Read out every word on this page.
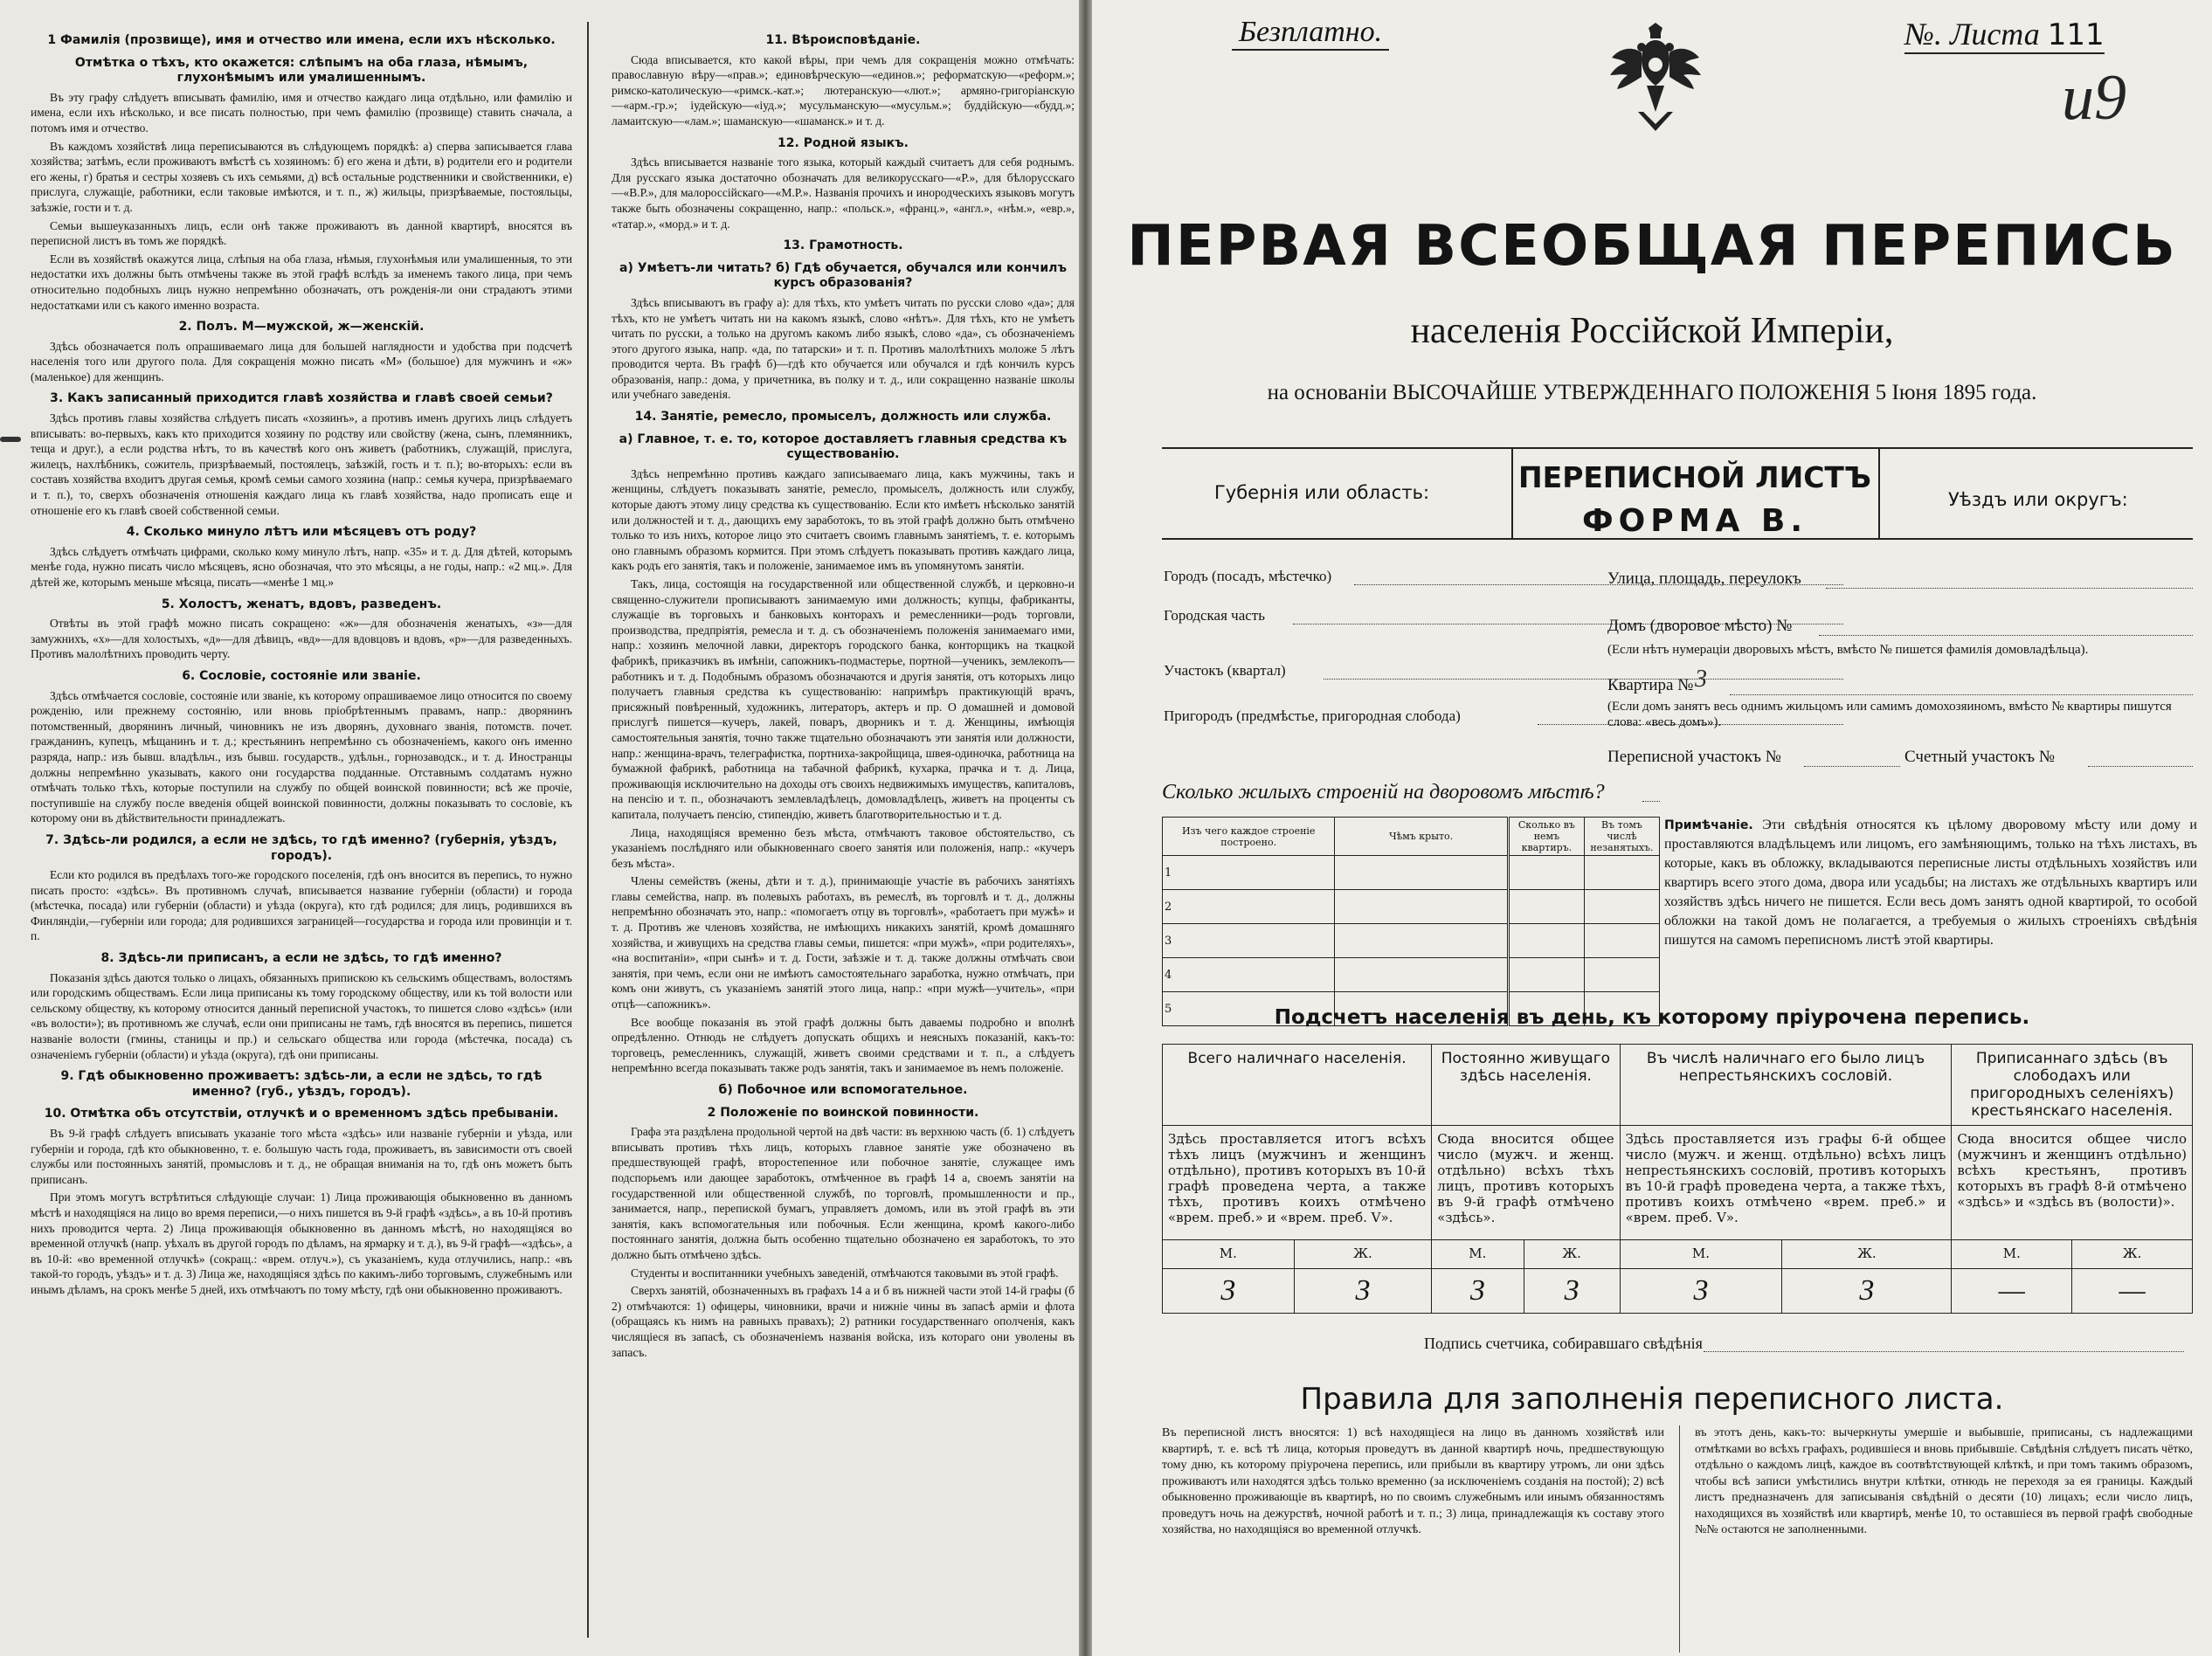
1 Фамилія (прозвище), имя и отчество или имена, если ихъ нѣсколько.
Отмѣтка о тѣхъ, кто окажется: слѣпымъ на оба глаза, нѣмымъ, глухонѣмымъ или умалишеннымъ.

Въ эту графу слѣдуетъ вписывать фамилію, имя и отчество каждаго лица отдѣльно, или фамилію и имена, если ихъ нѣсколько, и все писать полностью, при чемъ фамилію (прозвище) ставить сначала, а потомъ имя и отчество.

Въ каждомъ хозяйствѣ лица переписываются въ слѣдующемъ порядкѣ: а) сперва записывается глава хозяйства; затѣмъ, если проживаютъ вмѣстѣ съ хозяиномъ: б) его жена и дѣти, в) родители его и родители его жены, г) братья и сестры хозяевъ съ ихъ семьями, д) всѣ остальные родственники и свойственники, е) прислуга, служащіе, работники, если таковые имѣются, и т. п., ж) жильцы, призрѣваемые, постояльцы, заѣзжіе, гости и т. д.

Семьи вышеуказанныхъ лицъ, если онѣ также проживаютъ въ данной квартирѣ, вносятся въ переписной листъ въ томъ же порядкѣ.

Если въ хозяйствѣ окажутся лица, слѣпыя на оба глаза, нѣмыя, глухонѣмыя или умалишенныя, то эти недостатки ихъ должны быть отмѣчены также въ этой графѣ вслѣдъ за именемъ такого лица, при чемъ относительно подобныхъ лицъ нужно непремѣнно обозначать, отъ рожденія-ли они страдаютъ этими недостатками или съ какого именно возраста.

2. Полъ. М—мужской, ж—женскій.

Здѣсь обозначается полъ опрашиваемаго лица для большей наглядности и удобства при подсчетѣ населенія того или другого пола. Для сокращенія можно писать «М» (большое) для мужчинъ и «ж» (маленькое) для женщинъ.

3. Какъ записанный приходится главѣ хозяйства и главѣ своей семьи?

Здѣсь противъ главы хозяйства слѣдуетъ писать «хозяинъ», а противъ именъ другихъ лицъ слѣдуетъ вписывать: во-первыхъ, какъ кто приходится хозяину по родству или свойству (жена, сынъ, племянникъ, теща и друг.), а если родства нѣтъ, то въ качествѣ кого онъ живетъ (работникъ, служащій, прислуга, жилецъ, нахлѣбникъ, сожитель, призрѣваемый, постоялецъ, заѣзжій, гость и т. п.); во-вторыхъ: если въ составъ хозяйства входитъ другая семья, кромѣ семьи самого хозяина (напр.: семья кучера, призрѣваемаго и т. п.), то, сверхъ обозначенія отношенія каждаго лица къ главѣ хозяйства, надо прописать еще и отношеніе его къ главѣ своей собственной семьи.

4. Сколько минуло лѣтъ или мѣсяцевъ отъ роду?

Здѣсь слѣдуетъ отмѣчать цифрами, сколько кому минуло лѣтъ, напр. «35» и т. д. Для дѣтей, которымъ менѣе года, нужно писать число мѣсяцевъ, ясно обозначая, что это мѣсяцы, а не годы, напр.: «2 мц.». Для дѣтей же, которымъ меньше мѣсяца, писать—«менѣе 1 мц.»

5. Холостъ, женатъ, вдовъ, разведенъ.

Отвѣты въ этой графѣ можно писать сокращено: «ж»—для обозначенія женатыхъ, «з»—для замужнихъ, «х»—для холостыхъ, «д»—для дѣвицъ, «вд»—для вдовцовъ и вдовъ, «р»—для разведенныхъ. Противъ малолѣтнихъ проводить черту.

6. Сословіе, состояніе или званіе.

Здѣсь отмѣчается сословіе, состояніе или званіе, къ которому опрашиваемое лицо относится по своему рожденію, или прежнему состоянію, или вновь пріобрѣтеннымъ правамъ, напр.: дворянинъ потомственный, дворянинъ личный, чиновникъ не изъ дворянъ, духовнаго званія, потомств. почет. гражданинъ, купецъ, мѣщанинъ и т. д.; крестьянинъ непремѣнно съ обозначеніемъ, какого онъ именно разряда, напр.: изъ бывш. владѣльч., изъ бывш. государств., удѣльн., горнозаводск., и т. д. Иностранцы должны непремѣнно указывать, какого они государства подданные. Отставнымъ солдатамъ нужно отмѣчать только тѣхъ, которые поступили на службу по общей воинской повинности; всѣ же прочіе, поступившіе на службу после введенія общей воинской повинности, должны показывать то сословіе, къ которому они въ дѣйствительности принадлежатъ.

7. Здѣсь-ли родился, а если не здѣсь, то гдѣ именно? (губернія, уѣздъ, городъ).

Если кто родился въ предѣлахъ того-же городского поселенія, гдѣ онъ вносится въ перепись, то нужно писать просто: «здѣсь». Въ противномъ случаѣ, вписывается название губерніи (области) и города (мѣстечка, посада) или губерніи (области) и уѣзда (округа), кто гдѣ родился; для лицъ, родившихся въ Финляндіи,—губерніи или города; для родившихся заграницей—государства и города или провинціи и т. п.

8. Здѣсь-ли приписанъ, а если не здѣсь, то гдѣ именно?

Показанія здѣсь даются только о лицахъ, обязанныхъ припискою къ сельскимъ обществамъ, волостямъ или городскимъ обществамъ. Если лица приписаны къ тому городскому обществу, или къ той волости или сельскому обществу, къ которому относится данный переписной участокъ, то пишется слово «здѣсь» (или «въ волости»); въ противномъ же случаѣ, если они приписаны не тамъ, гдѣ вносятся въ перепись, пишется названіе волости (гмины, станицы и пр.) и сельскаго общества или города (мѣстечка, посада) съ означеніемъ губерніи (области) и уѣзда (округа), гдѣ они приписаны.

9. Гдѣ обыкновенно проживаетъ: здѣсь-ли, а если не здѣсь, то гдѣ именно? (губ., уѣздъ, городъ).
10. Отмѣтка объ отсутствіи, отлучкѣ и о временномъ здѣсь пребываніи.

Въ 9-й графѣ слѣдуетъ вписывать указаніе того мѣста «здѣсь» или названіе губерніи и уѣзда, или губерніи и города, гдѣ кто обыкновенно, т. е. большую часть года, проживаетъ, въ зависимости отъ своей службы или постоянныхъ занятій, промысловъ и т. д., не обращая вниманія на то, гдѣ онъ можетъ быть приписанъ.

При этомъ могутъ встрѣтиться слѣдующіе случаи: 1) Лица проживающія обыкновенно въ данномъ мѣстѣ и находящіяся на лицо во время переписи,—о нихъ пишется въ 9-й графѣ «здѣсь», а въ 10-й противъ нихъ проводится черта. 2) Лица проживающія обыкновенно въ данномъ мѣстѣ, но находящіяся во временной отлучкѣ (напр. уѣхалъ въ другой городъ по дѣламъ, на ярмарку и т. д.), въ 9-й графѣ—«здѣсь», а въ 10-й: «во временной отлучкѣ» (сокращ.: «врем. отлуч.»), съ указаніемъ, куда отлучились, напр.: «въ такой-то городъ, уѣздъ» и т. д. 3) Лица же, находящіяся здѣсь по какимъ-либо торговымъ, служебнымъ или инымъ дѣламъ, на срокъ менѣе 5 дней, ихъ отмѣчаютъ по тому мѣсту, гдѣ они обыкновенно проживаютъ.

11. Вѣроисповѣданіе.

Сюда вписывается, кто какой вѣры, при чемъ для сокращенія можно отмѣчать: православную вѣру—«прав.»; единовѣрческую—«единов.»; реформатскую—«реформ.»; римско-католическую—«римск.-кат.»; лютеранскую—«лют.»; армяно-григоріанскую—«арм.-гр.»; іудейскую—«іуд.»; мусульманскую—«мусульм.»; буддійскую—«будд.»; ламаитскую—«лам.»; шаманскую—«шаманск.» и т. д.

12. Родной языкъ.

Здѣсь вписывается названіе того языка, который каждый считаетъ для себя роднымъ. Для русскаго языка достаточно обозначать для великорусскаго—«Р.», для бѣлорусскаго—«В.Р.», для малороссійскаго—«М.Р.». Названія прочихъ и инородческихъ языковъ могутъ также быть обозначены сокращенно, напр.: «польск.», «франц.», «англ.», «нѣм.», «евр.», «татар.», «морд.» и т. д.

13. Грамотность.
а) Умѣетъ-ли читать? б) Гдѣ обучается, обучался или кончилъ курсъ образованія?

Здѣсь вписываютъ въ графу а): для тѣхъ, кто умѣетъ читать по русски слово «да»; для тѣхъ, кто не умѣетъ читать ни на какомъ языкѣ, слово «нѣтъ». Для тѣхъ, кто не умѣетъ читать по русски, а только на другомъ какомъ либо языкѣ, слово «да», съ обозначеніемъ этого другого языка, напр. «да, по татарски» и т. п. Противъ малолѣтнихъ моложе 5 лѣтъ проводится черта. Въ графѣ б)—гдѣ кто обучается или обучался и гдѣ кончилъ курсъ образованія, напр.: дома, у причетника, въ полку и т. д., или сокращенно названіе школы или учебнаго заведенія.

14. Занятіе, ремесло, промыселъ, должность или служба.
а) Главное, т. е. то, которое доставляетъ главныя средства къ существованію.

Здѣсь непремѣнно противъ каждаго записываемаго лица, какъ мужчины, такъ и женщины, слѣдуетъ показывать занятіе, ремесло, промыселъ, должность или службу, которые даютъ этому лицу средства къ существованію. Если кто имѣетъ нѣсколько занятій или должностей и т. д., дающихъ ему заработокъ, то въ этой графѣ должно быть отмѣчено только то изъ нихъ, которое лицо это считаетъ своимъ главнымъ занятіемъ, т. е. которымъ оно главнымъ образомъ кормится. При этомъ слѣдуетъ показывать противъ каждаго лица, какъ родъ его занятія, такъ и положеніе, занимаемое имъ въ упомянутомъ занятіи.

Такъ, лица, состоящія на государственной или общественной службѣ, и церковно-и священно-служители прописываютъ занимаемую ими должность; купцы, фабриканты, служащіе въ торговыхъ и банковыхъ конторахъ и ремесленники—родъ торговли, производства, предпріятія, ремесла и т. д. съ обозначеніемъ положенія занимаемаго ими, напр.: хозяинъ мелочной лавки, директоръ городского банка, конторщикъ на ткацкой фабрикѣ, приказчикъ въ имѣніи, сапожникъ-подмастерье, портной—ученикъ, землекопъ—работникъ и т. д. Подобнымъ образомъ обозначаются и другія занятія, отъ которыхъ лицо получаетъ главныя средства къ существованію: напримѣръ практикующій врачъ, присяжный повѣренный, художникъ, литераторъ, актеръ и пр. О домашней и домовой прислугѣ пишется—кучеръ, лакей, поваръ, дворникъ и т. д. Женщины, имѣющія самостоятельныя занятія, точно также тщательно обозначаютъ эти занятія или должности, напр.: женщина-врачъ, телеграфистка, портниха-закройщица, швея-одиночка, работница на бумажной фабрикѣ, работница на табачной фабрикѣ, кухарка, прачка и т. д. Лица, проживающія исключительно на доходы отъ своихъ недвижимыхъ имуществъ, капиталовъ, на пенсію и т. п., обозначаютъ землевладѣлецъ, домовладѣлецъ, живетъ на проценты съ капитала, получаетъ пенсію, стипендію, живетъ благотворительностью и т. д.

Лица, находящіяся временно безъ мѣста, отмѣчаютъ таковое обстоятельство, съ указаніемъ послѣдняго или обыкновеннаго своего занятія или положенія, напр.: «кучеръ безъ мѣста».

Члены семействъ (жены, дѣти и т. д.), принимающіе участіе въ рабочихъ занятіяхъ главы семейства, напр. въ полевыхъ работахъ, въ ремеслѣ, въ торговлѣ и т. д., должны непремѣнно обозначать это, напр.: «помогаетъ отцу въ торговлѣ», «работаетъ при мужѣ» и т. д. Противъ же членовъ хозяйства, не имѣющихъ никакихъ занятій, кромѣ домашняго хозяйства, и живущихъ на средства главы семьи, пишется: «при мужѣ», «при родителяхъ», «на воспитаніи», «при сынѣ» и т. д. Гости, заѣзжіе и т. д. также должны отмѣчать свои занятія, при чемъ, если они не имѣютъ самостоятельнаго заработка, нужно отмѣчать, при комъ они живутъ, съ указаніемъ занятій этого лица, напр.: «при мужѣ—учитель», «при отцѣ—сапожникъ».

Все вообще показанія въ этой графѣ должны быть даваемы подробно и вполнѣ опредѣленно. Отнюдь не слѣдуетъ допускать общихъ и неясныхъ показаній, какъ-то: торговецъ, ремесленникъ, служащій, живетъ своими средствами и т. п., а слѣдуетъ непремѣнно всегда показывать также родъ занятія, такъ и занимаемое въ немъ положеніе.

б) Побочное или вспомогательное.
2 Положеніе по воинской повинности.

Графа эта раздѣлена продольной чертой на двѣ части: въ верхнюю часть (б. 1) слѣдуетъ вписывать противъ тѣхъ лицъ, которыхъ главное занятіе уже обозначено въ предшествующей графѣ, второстепенное или побочное занятіе, служащее имъ подспорьемъ или дающее заработокъ, отмѣченное въ графѣ 14 а, своемъ занятіи на государственной или общественной службѣ, по торговлѣ, промышленности и пр., занимается, напр., перепиской бумагъ, управляетъ домомъ, или въ этой графѣ въ эти занятія, какъ вспомогательныя или побочныя. Если женщина, кромѣ какого-либо постояннаго занятія, должна быть особенно тщательно обозначено ея заработокъ, то это должно быть отмѣчено здѣсь.

Студенты и воспитанники учебныхъ заведеній, отмѣчаются таковыми въ этой графѣ.

Сверхъ занятій, обозначенныхъ въ графахъ 14 а и б въ нижней части этой 14-й графы (б 2) отмѣчаются: 1) офицеры, чиновники, врачи и нижніе чины въ запасѣ арміи и флота (обращаясь къ нимъ на равныхъ правахъ); 2) ратники государственнаго ополченія, какъ числящіеся въ запасѣ, съ обозначеніемъ названія войска, изъ котораго они уволены въ запасъ.

Безплатно.	№. Листа 111
и9
ПЕРВАЯ ВСЕОБЩАЯ ПЕРЕПИСЬ
населенія Россійской Имперіи,
на основаніи ВЫСОЧАЙШЕ УТВЕРЖДЕННАГО ПОЛОЖЕНІЯ 5 Іюня 1895 года.
Губернія или область:	ПЕРЕПИСНОЙ ЛИСТЪ
ФОРМА В.
Уѣздъ или округъ:
Городъ (посадъ, мѣстечко)
Городская часть
Участокъ (квартал)
Пригородъ (предмѣстье, пригородная слобода)
Улица, площадь, переулокъ
Домъ (дворовое мѣсто) №
(Если нѣтъ нумераціи дворовыхъ мѣстъ, вмѣсто № пишется фамилія домовладѣльца).
Квартира № 3
(Если домъ занятъ весь однимъ жильцомъ или самимъ домохозяиномъ, вмѣсто № квартиры пишутся слова: «весь домъ»).
Переписной участокъ №	Счетный участокъ №
Сколько жилыхъ строеній на дворовомъ мѣстѣ?
Изъ чего каждое строеніе построено.	Чѣмъ крыто.	Сколько въ немъ квартиръ.	Въ томъ числѣ незанятыхъ.
1			
2			
3			
4			
5			
Примѣчаніе. Эти свѣдѣнія относятся къ цѣлому дворовому мѣсту или дому и проставляются владѣльцемъ или лицомъ, его замѣняющимъ, только на тѣхъ листахъ, въ которые, какъ въ обложку, вкладываются переписные листы отдѣльныхъ хозяйствъ или квартиръ всего этого дома, двора или усадьбы; на листахъ же отдѣльныхъ квартиръ или хозяйствъ здѣсь ничего не пишется. Если весь домъ занятъ одной квартирой, то особой обложки на такой домъ не полагается, а требуемыя о жилыхъ строеніяхъ свѣдѣнія пишутся на самомъ переписномъ листѣ этой квартиры.
Подсчетъ населенія въ день, къ которому пріурочена перепись.
Всего наличнаго населенія.		Постоянно живущаго здѣсь населенія.		Въ числѣ наличнаго его было лицъ непрестьянскихъ сословій.		Приписаннаго здѣсь (въ слободахъ или пригородныхъ селеніяхъ) крестьянскаго населенія.	
Здѣсь проставляется итогъ всѣхъ тѣхъ лицъ (мужчинъ и женщинъ отдѣльно), противъ которыхъ въ 10-й графѣ проведена черта, а также тѣхъ, противъ коихъ отмѣчено «врем. преб.» и «врем. преб. V».		Сюда вносится общее число (мужч. и женщ. отдѣльно) всѣхъ тѣхъ лицъ, противъ которыхъ въ 9-й графѣ отмѣчено «здѣсь».		Здѣсь проставляется изъ графы 6-й общее число (мужч. и женщ. отдѣльно) всѣхъ лицъ непрестьянскихъ сословій, противъ которыхъ въ 10-й графѣ проведена черта, а также тѣхъ, противъ коихъ отмѣчено «врем. преб.» и «врем. преб. V».		Сюда вносится общее число (мужчинъ и женщинъ отдѣльно) всѣхъ крестьянъ, противъ которыхъ въ графѣ 8-й отмѣчено «здѣсь» и «здѣсь въ (волости)».	
М.	Ж.	М.	Ж.	М.	Ж.	М.	Ж.
3	3	3	3	3	3	—	—
Подпись счетчика, собиравшаго свѣдѣнія
Правила для заполненія переписного листа.
Въ переписной листъ вносятся: 1) всѣ находящіеся на лицо въ данномъ хозяйствѣ или квартирѣ, т. е. всѣ тѣ лица, которыя проведутъ въ данной квартирѣ ночь, предшествующую тому дню, къ которому пріурочена перепись, или прибыли въ квартиру утромъ, ли они здѣсь проживаютъ или находятся здѣсь только временно (за исключеніемъ созданія на постой); 2) всѣ обыкновенно проживающіе въ квартирѣ, но по своимъ служебнымъ или инымъ обязанностямъ проведутъ ночь на дежурствѣ, ночной работѣ и т. п.; 3) лица, принадлежащія къ составу этого хозяйства, но находящіяся во временной отлучкѣ.
въ этотъ день, какъ-то: вычеркнуты умершіе и выбывшіе, приписаны, съ надлежащими отмѣтками во всѣхъ графахъ, родившіеся и вновь прибывшіе. Свѣдѣнія слѣдуетъ писать чётко, отдѣльно о каждомъ лицѣ, каждое въ соотвѣтствующей клѣткѣ, и при томъ такимъ образомъ, чтобы всѣ записи умѣстились внутри клѣтки, отнюдь не переходя за ея границы. Каждый листъ предназначенъ для записыванія свѣдѣній о десяти (10) лицахъ; если число лицъ, находящихся въ хозяйствѣ или квартирѣ, менѣе 10, то оставшіеся въ первой графѣ свободные №№ остаются не заполненными.
